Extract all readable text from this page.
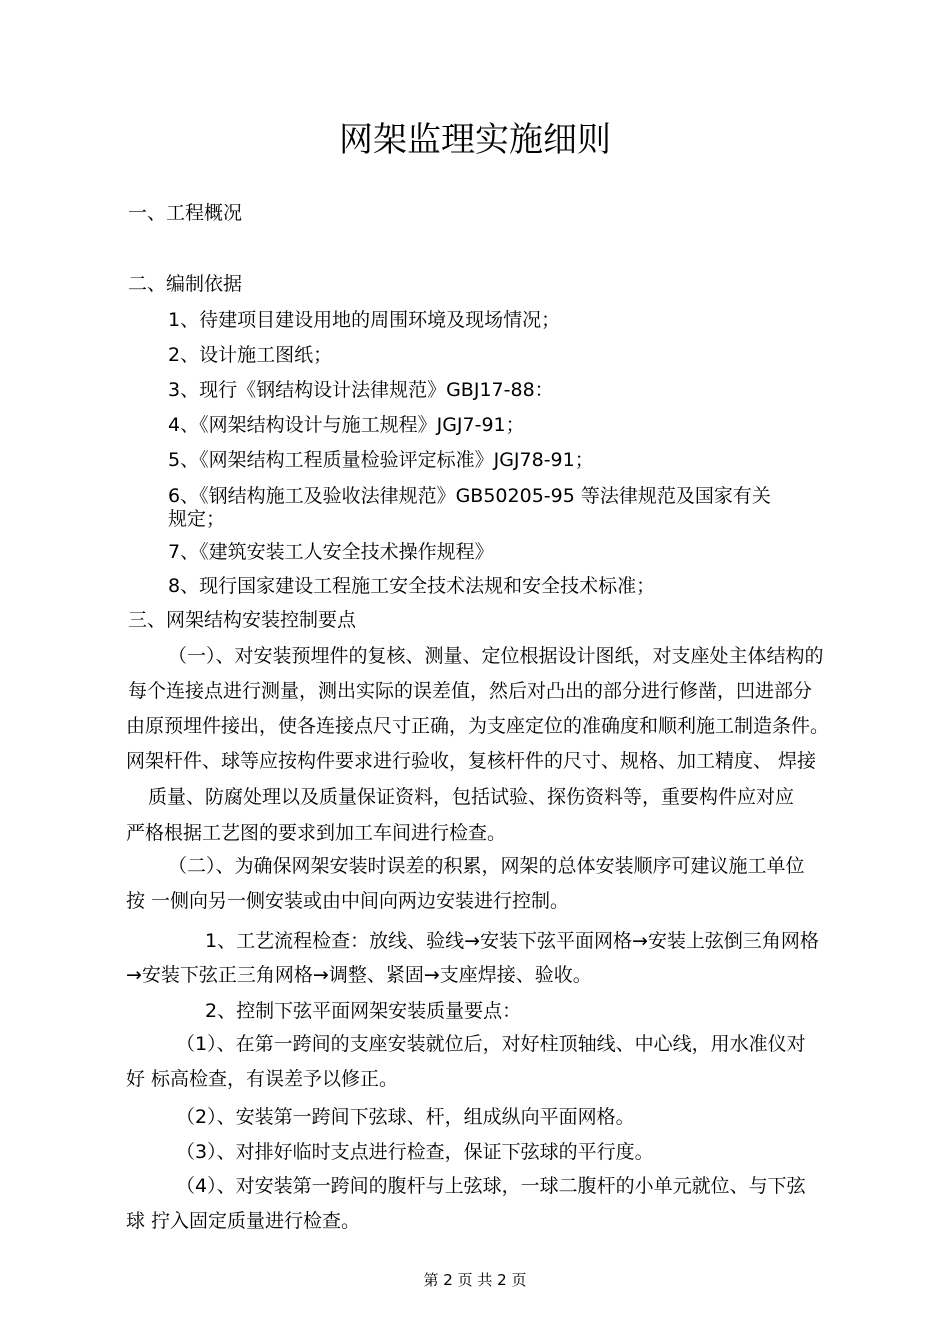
网架监理实施细则
一、工程概况
二、编制依据
1、待建项目建设用地的周围环境及现场情况；
2、设计施工图纸；
3、现行《钢结构设计法律规范》GBJ17-88：
4、《网架结构设计与施工规程》JGJ7-91；
5、《网架结构工程质量检验评定标准》JGJ78-91；
6、《钢结构施工及验收法律规范》GB50205-95 等法律规范及国家有关
规定；
7、《建筑安装工人安全技术操作规程》
8、现行国家建设工程施工安全技术法规和安全技术标准；
三、网架结构安装控制要点
（一）、对安装预埋件的复核、测量、定位根据设计图纸，对支座处主体结构的
每个连接点进行测量，测出实际的误差值，然后对凸出的部分进行修凿，凹进部分
由原预埋件接出，使各连接点尺寸正确，为支座定位的准确度和顺利施工制造条件。
网架杆件、球等应按构件要求进行验收，复核杆件的尺寸、规格、加工精度、 焊接
质量、防腐处理以及质量保证资料，包括试验、探伤资料等，重要构件应对应
严格根据工艺图的要求到加工车间进行检查。
（二）、为确保网架安装时误差的积累，网架的总体安装顺序可建议施工单位
按 一侧向另一侧安装或由中间向两边安装进行控制。
1、工艺流程检查：放线、验线→安装下弦平面网格→安装上弦倒三角网格
→安装下弦正三角网格→调整、紧固→支座焊接、验收。
2、控制下弦平面网架安装质量要点：
（1）、在第一跨间的支座安装就位后，对好柱顶轴线、中心线，用水准仪对
好 标高检查，有误差予以修正。
（2）、安装第一跨间下弦球、杆，组成纵向平面网格。
（3）、对排好临时支点进行检查，保证下弦球的平行度。
（4）、对安装第一跨间的腹杆与上弦球，一球二腹杆的小单元就位、与下弦
球 拧入固定质量进行检查。
第 2 页 共 2 页
